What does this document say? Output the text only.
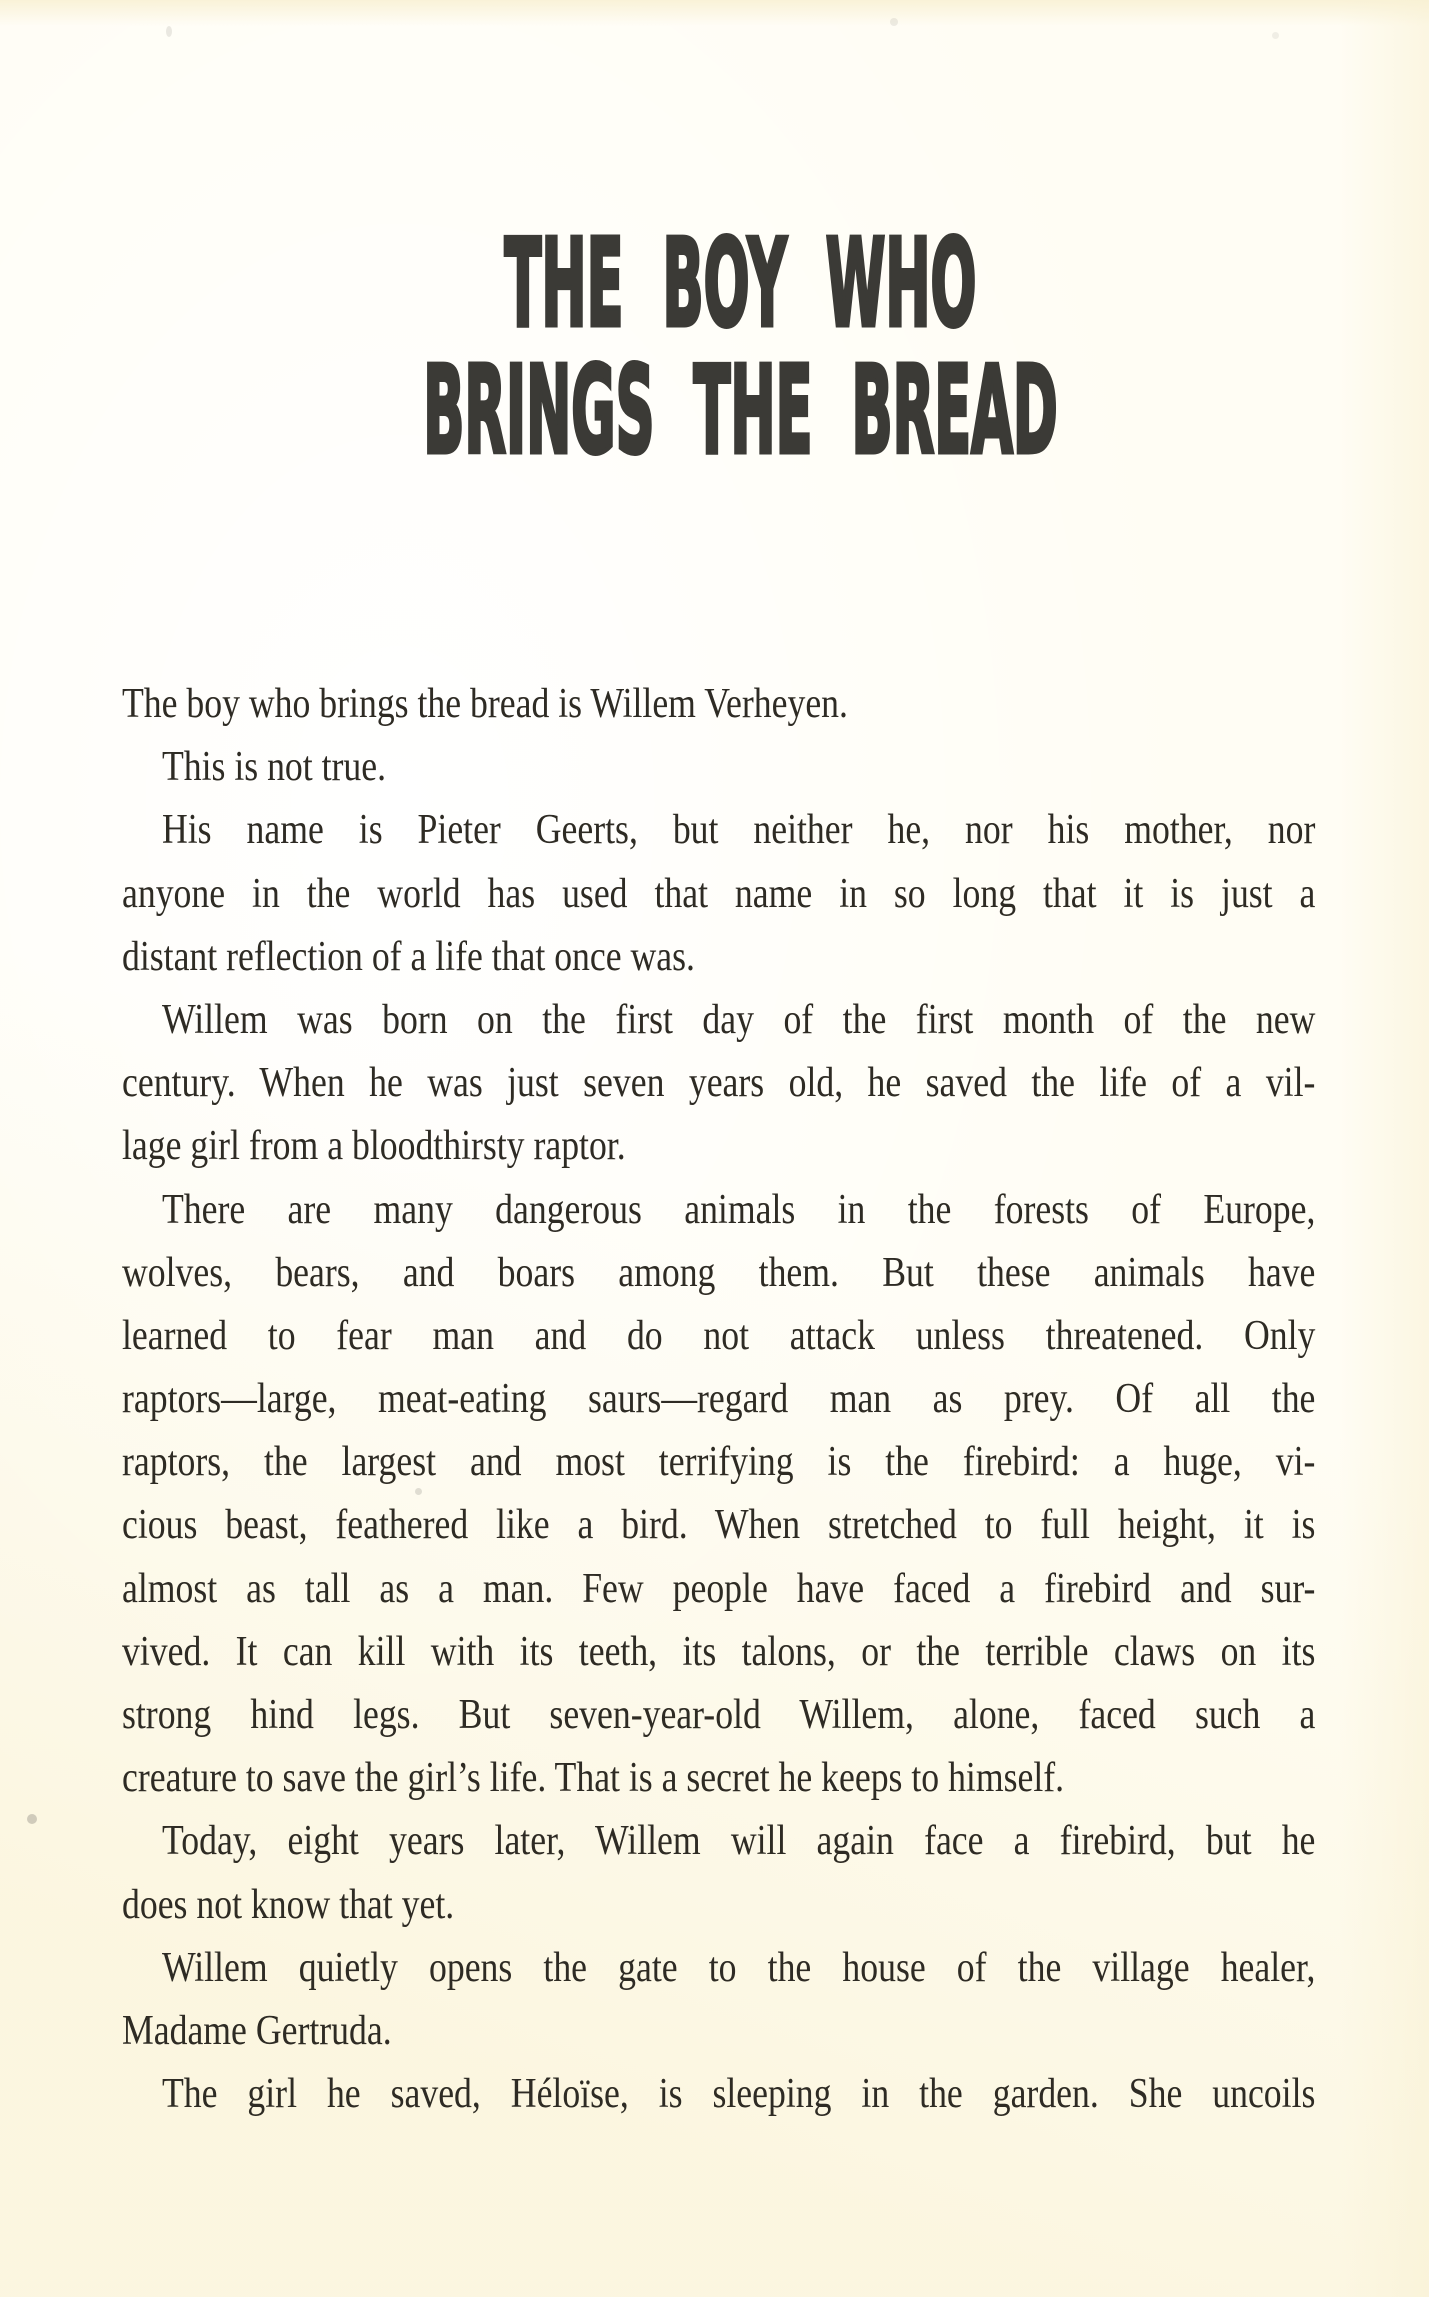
THE BOY WHO
BRINGS THE BREAD
The boy who brings the bread is Willem Verheyen.
This is not true.
His name is Pieter Geerts, but neither he, nor his mother, nor
anyone in the world has used that name in so long that it is just a
distant reflection of a life that once was.
Willem was born on the first day of the first month of the new
century. When he was just seven years old, he saved the life of a vil-
lage girl from a bloodthirsty raptor.
There are many dangerous animals in the forests of Europe,
wolves, bears, and boars among them. But these animals have
learned to fear man and do not attack unless threatened. Only
raptors—large, meat-eating saurs—regard man as prey. Of all the
raptors, the largest and most terrifying is the firebird: a huge, vi-
cious beast, feathered like a bird. When stretched to full height, it is
almost as tall as a man. Few people have faced a firebird and sur-
vived. It can kill with its teeth, its talons, or the terrible claws on its
strong hind legs. But seven-year-old Willem, alone, faced such a
creature to save the girl’s life. That is a secret he keeps to himself.
Today, eight years later, Willem will again face a firebird, but he
does not know that yet.
Willem quietly opens the gate to the house of the village healer,
Madame Gertruda.
The girl he saved, Héloïse, is sleeping in the garden. She uncoils
